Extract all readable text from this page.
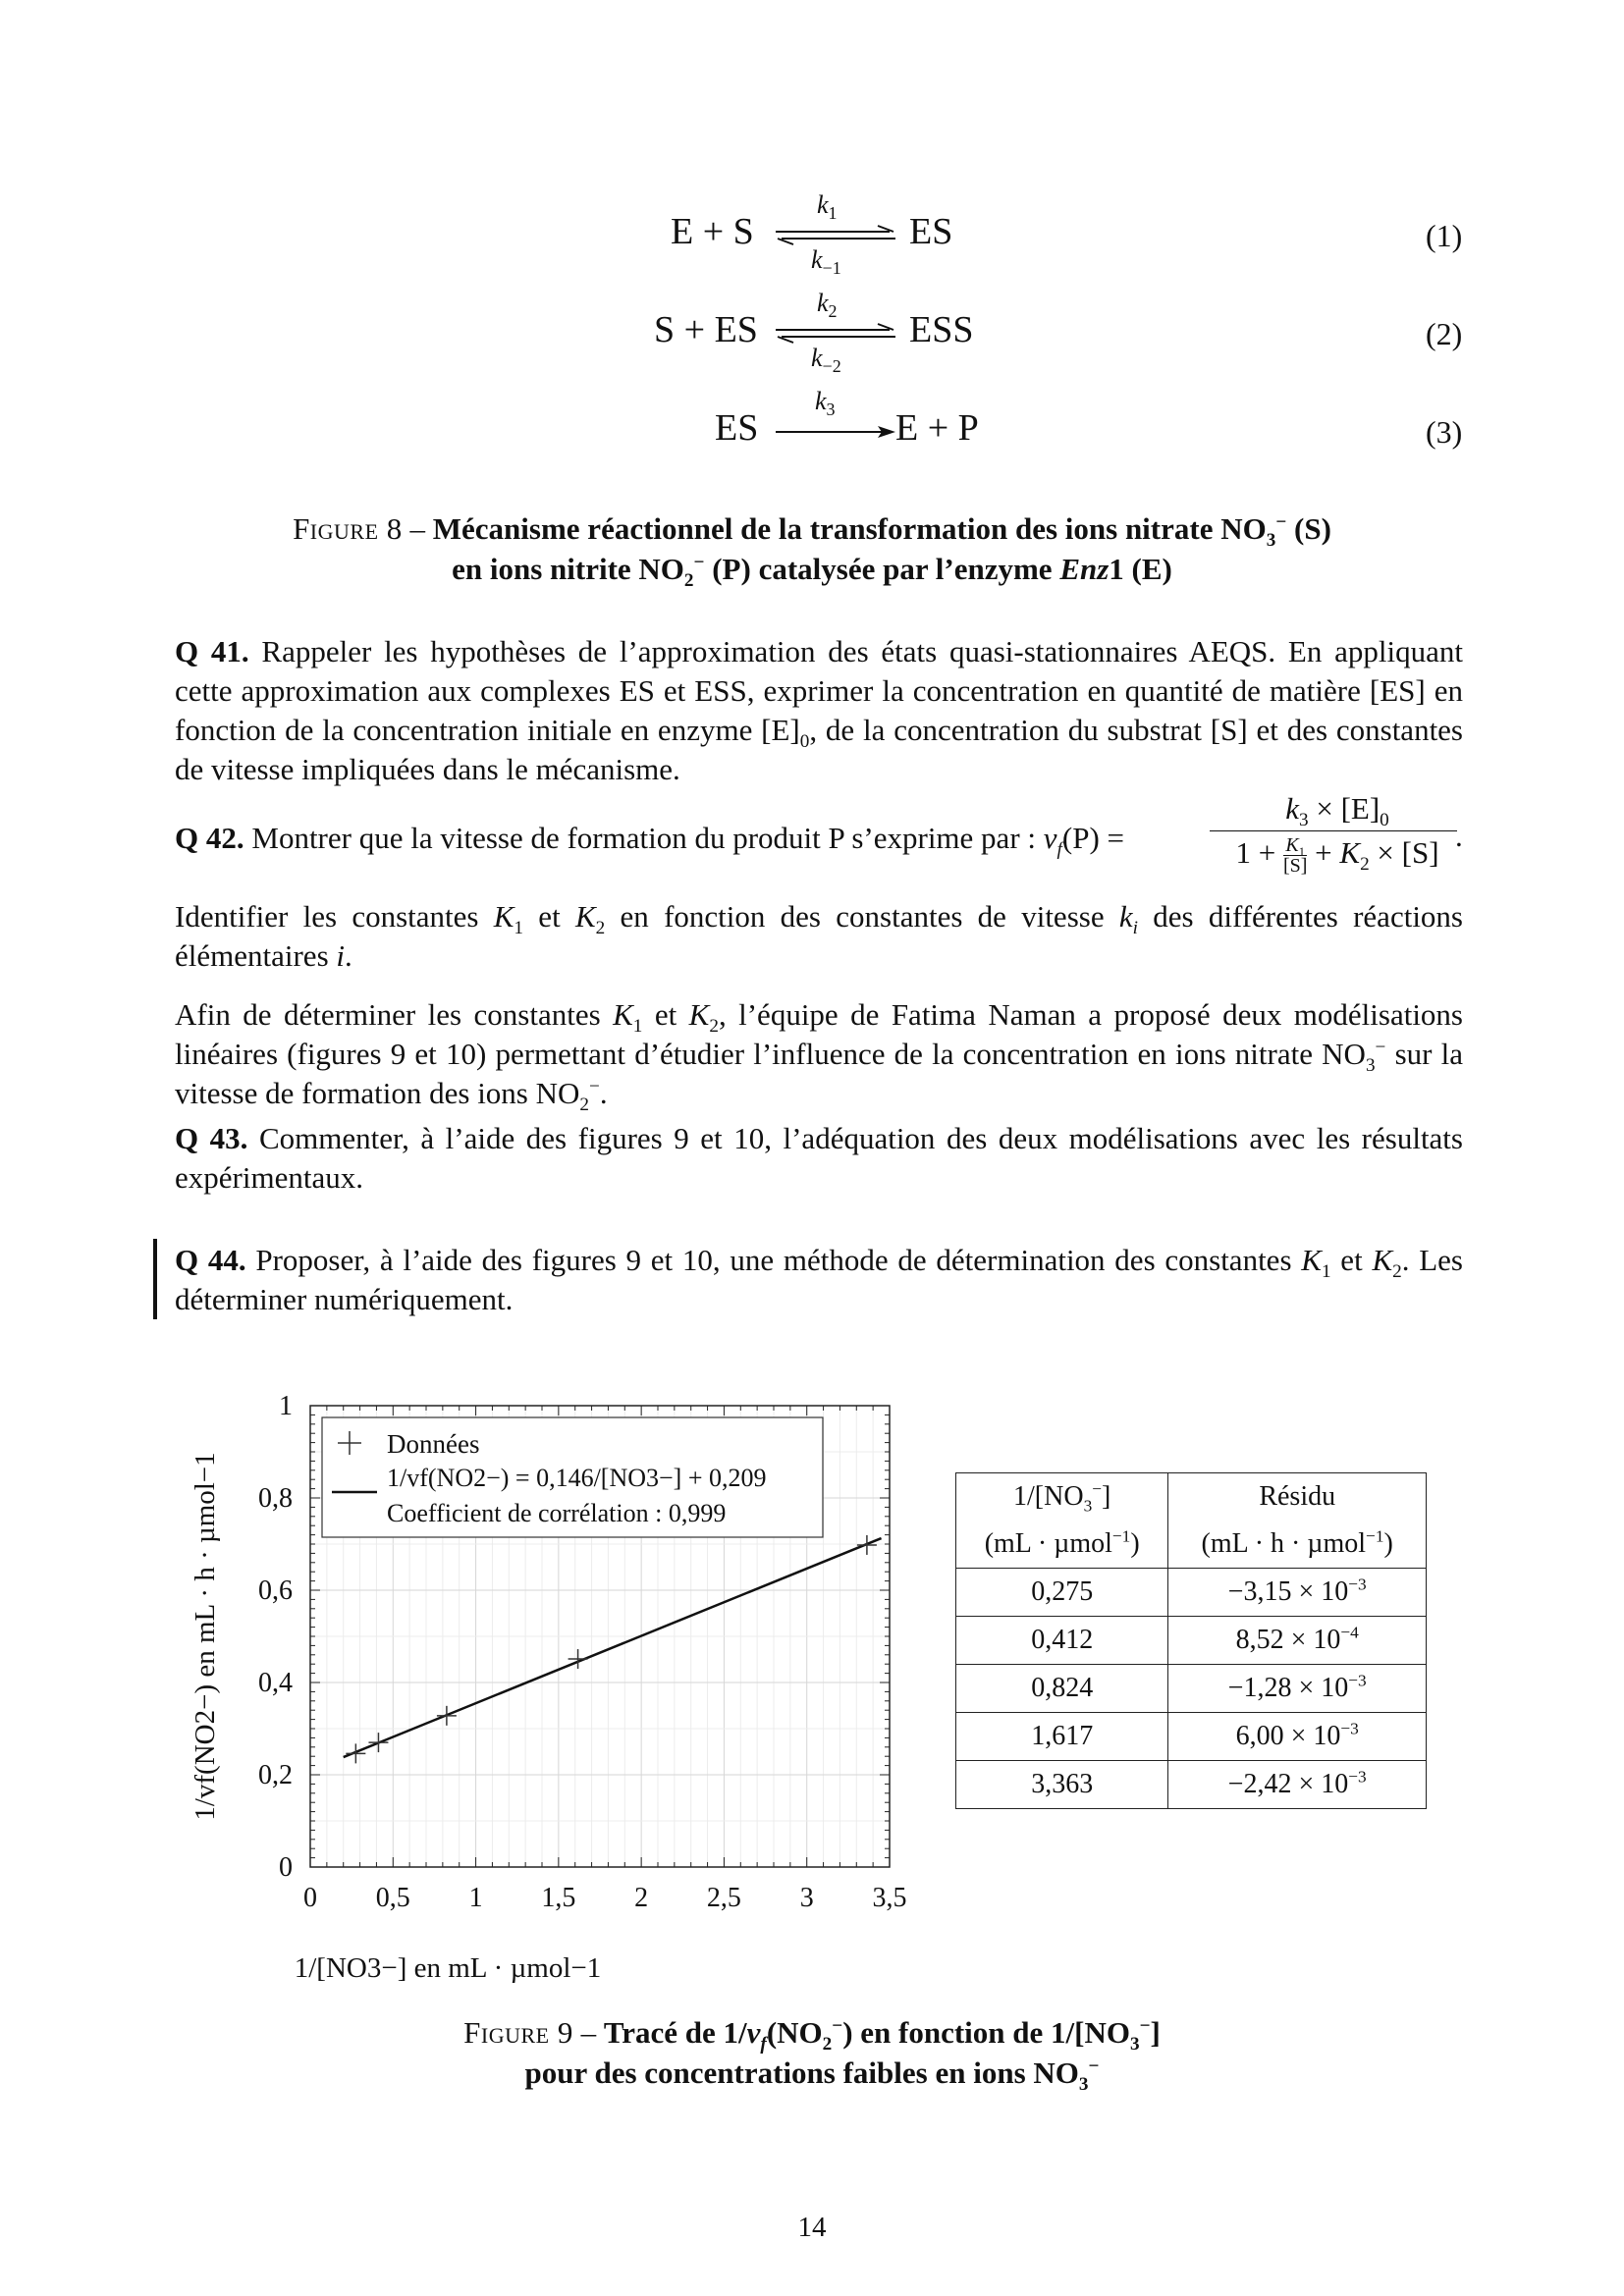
E + S
$k_1$
$k_{-1}$
ES	(1)
S + ES
$k_2$
$k_{-2}$
ESS	(2)
ES
$k_3$ E + P	(3)
Figure 8 – Mécanisme réactionnel de la transformation des ions nitrate $NO_3^-$ (S)
en ions nitrite $NO_2^-$ (P) catalysée par l’enzyme Enz1 (E)
Q 41. Rappeler les hypothèses de l’approximation des états quasi-stationnaires AEQS. En appliquant cette approximation aux complexes ES et ESS, exprimer la concentration en quantité de matière [ES] en fonction de la concentration initiale en enzyme $[E]_0$, de la concentration du substrat [S] et des constantes de vitesse impliquées dans le mécanisme.
Q 42. Montrer que la vitesse de formation du produit P s’exprime par : $v_f(P)$ =
$k_3 \times [E]_0$
$1 + \frac{K_1}{[S]} + K_2 \times [S]$ .
Identifier les constantes $K_1$ et $K_2$ en fonction des constantes de vitesse $k_i$ des différentes réactions élémentaires i.
Afin de déterminer les constantes $K_1$ et $K_2$, l’équipe de Fatima Naman a proposé deux modélisations linéaires (figures 9 et 10) permettant d’étudier l’influence de la concentration en ions nitrate $NO_3^-$ sur la vitesse de formation des ions $NO_2^-$.
Q 43. Commenter, à l’aide des figures 9 et 10, l’adéquation des deux modélisations avec les résultats expérimentaux.
Q 44. Proposer, à l’aide des figures 9 et 10, une méthode de détermination des constantes $K_1$ et $K_2$. Les déterminer numériquement.
0 0,5 1 1,5 2 2,5 3 3,5
0
0,2
0,4
0,6
0,8
1
Données
1/vf(NO2−) = 0,146/[NO3−] + 0,209
Coefficient de corrélation : 0,999
1/[NO3−] en mL · µmol−1
1/vf(NO2−) en mL · h · µmol−1	$1/[NO_3^-]$	Résidu
(mL · µmol$^{-1}$)	(mL · h · µmol$^{-1}$)
0,275	$-3,15 \times 10^{-3}$
0,412	$8,52 \times 10^{-4}$
0,824	$-1,28 \times 10^{-3}$
1,617	$6,00 \times 10^{-3}$
3,363	$-2,42 \times 10^{-3}$
Figure 9 – Tracé de $1/v_f(NO_2^-)$ en fonction de $1/[NO_3^-]$
pour des concentrations faibles en ions $NO_3^-$
14
